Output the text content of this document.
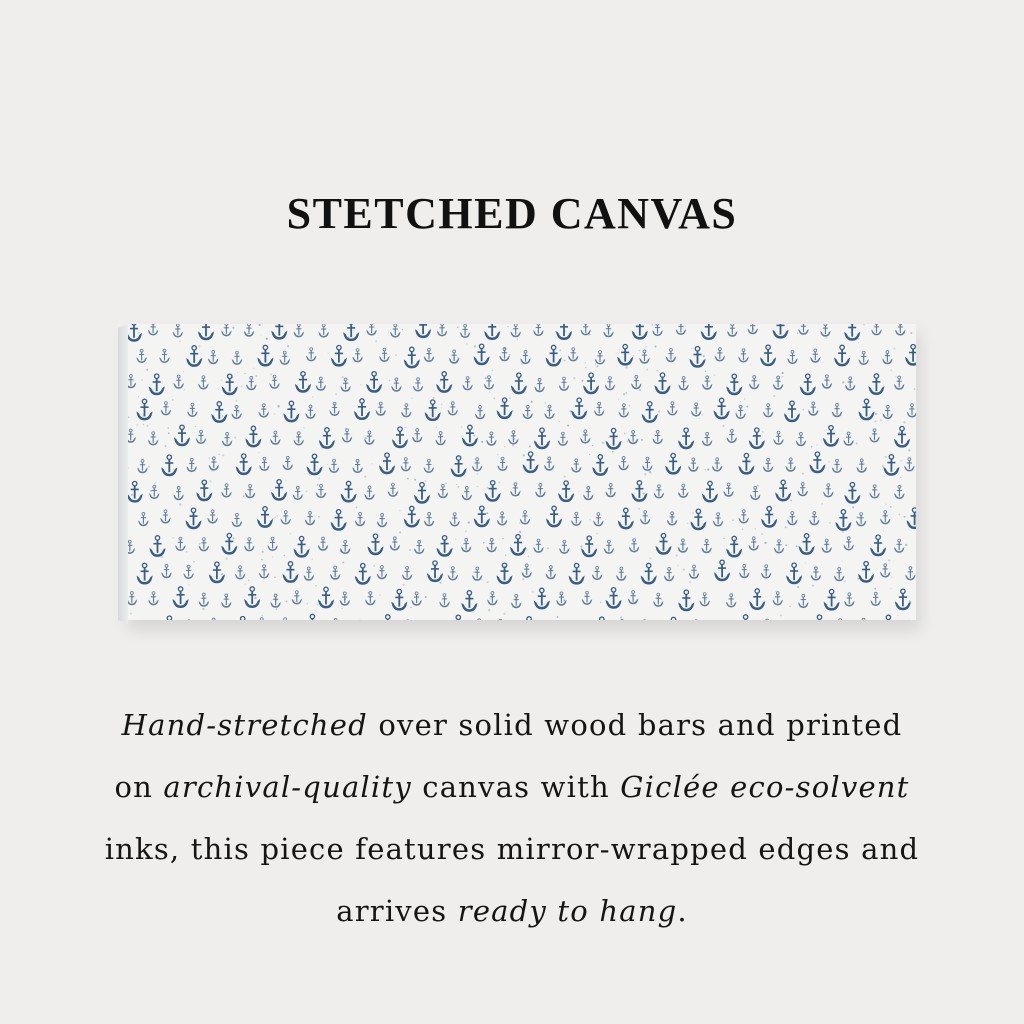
STETCHED CANVAS

Hand-stretched over solid wood bars and printed

on archival-quality canvas with Giclée eco-solvent

inks, this piece features mirror-wrapped edges and

arrives ready to hang.
